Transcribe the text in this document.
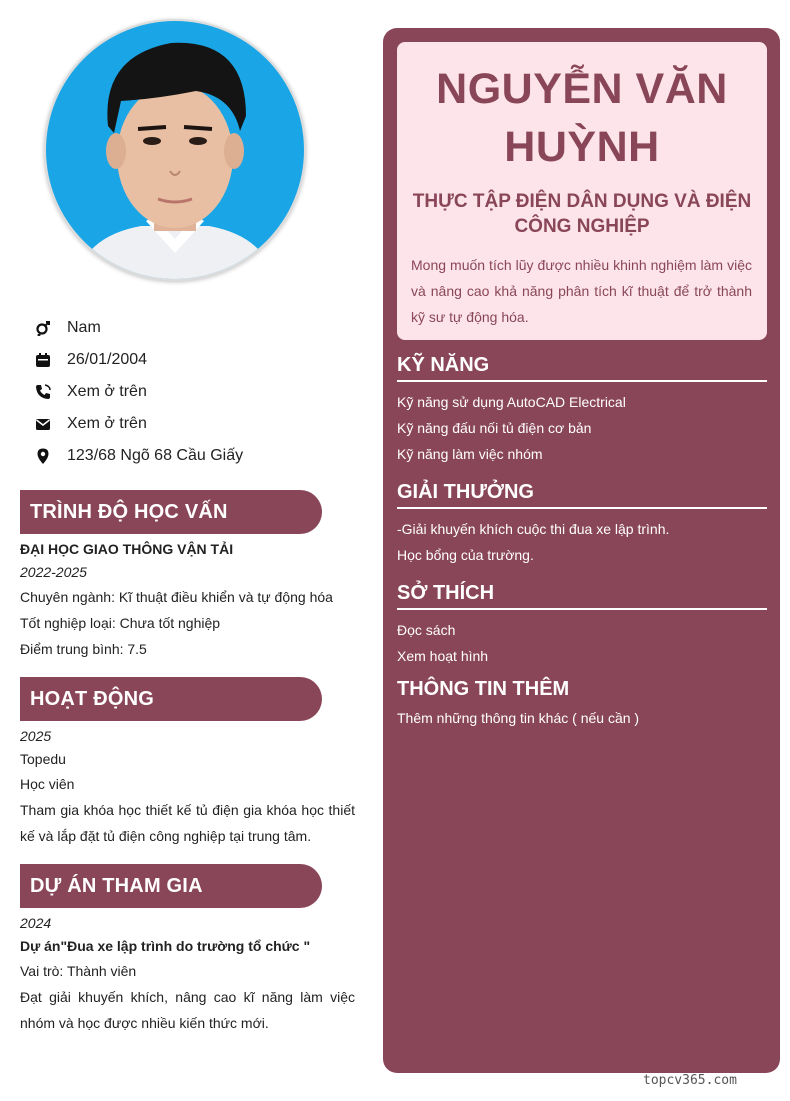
Nam
26/01/2004
Xem ở trên
Xem ở trên
123/68 Ngõ 68 Cầu Giấy
TRÌNH ĐỘ HỌC VẤN
ĐẠI HỌC GIAO THÔNG VẬN TẢI
2022-2025
Chuyên ngành: Kĩ thuật điều khiển và tự động hóa
Tốt nghiệp loại: Chưa tốt nghiệp
Điểm trung bình: 7.5
HOẠT ĐỘNG
2025
Topedu
Học viên
Tham gia khóa học thiết kế tủ điện gia khóa học thiết kế và lắp đặt tủ điện công nghiệp tại trung tâm.
DỰ ÁN THAM GIA
2024
Dự án"Đua xe lập trình do trường tổ chức "
Vai trò: Thành viên
Đạt giải khuyến khích, nâng cao kĩ năng làm việc nhóm và học được nhiều kiến thức mới.
NGUYỄN VĂN HUỲNH
THỰC TẬP ĐIỆN DÂN DỤNG VÀ ĐIỆN CÔNG NGHIỆP
Mong muốn tích lũy được nhiều khinh nghiệm làm việc và nâng cao khả năng phân tích kĩ thuật để trở thành kỹ sư tự động hóa.
KỸ NĂNG
Kỹ năng sử dụng AutoCAD Electrical
Kỹ năng đấu nối tủ điện cơ bản
Kỹ năng làm việc nhóm
GIẢI THƯỞNG
-Giải khuyến khích cuộc thi đua xe lập trình.
Học bổng của trường.
SỞ THÍCH
Đọc sách
Xem hoạt hình
THÔNG TIN THÊM
Thêm những thông tin khác ( nếu cần )
topcv365.com
